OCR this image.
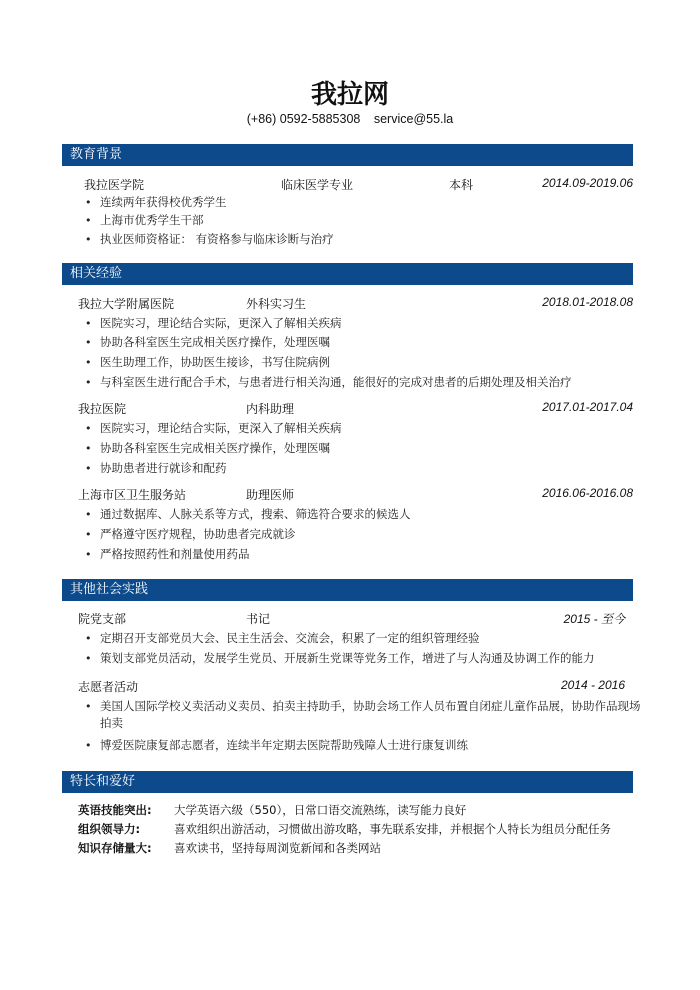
我拉网
(+86) 0592-5885308 service@55.la
教育背景
我拉医学院	临床医学专业	本科	2014.09-2019.06
• 连续两年获得校优秀学生
• 上海市优秀学生干部
• 执业医师资格证： 有资格参与临床诊断与治疗
相关经验
我拉大学附属医院	外科实习生	2018.01-2018.08
• 医院实习，理论结合实际，更深入了解相关疾病
• 协助各科室医生完成相关医疗操作，处理医嘱
• 医生助理工作，协助医生接诊，书写住院病例
• 与科室医生进行配合手术，与患者进行相关沟通，能很好的完成对患者的后期处理及相关治疗
我拉医院	内科助理	2017.01-2017.04
• 医院实习，理论结合实际，更深入了解相关疾病
• 协助各科室医生完成相关医疗操作，处理医嘱
• 协助患者进行就诊和配药
上海市区卫生服务站	助理医师	2016.06-2016.08
• 通过数据库、人脉关系等方式，搜索、筛选符合要求的候选人
• 严格遵守医疗规程，协助患者完成就诊
• 严格按照药性和剂量使用药品
其他社会实践
院党支部	书记	2015 - 至今
• 定期召开支部党员大会、民主生活会、交流会，积累了一定的组织管理经验
• 策划支部党员活动，发展学生党员、开展新生党课等党务工作，增进了与人沟通及协调工作的能力
志愿者活动	2014 - 2016
• 美国人国际学校义卖活动义卖员、拍卖主持助手，协助会场工作人员布置自闭症儿童作品展，协助作品现场拍卖
• 博爱医院康复部志愿者，连续半年定期去医院帮助残障人士进行康复训练
特长和爱好
英语技能突出: 大学英语六级（550），日常口语交流熟练，读写能力良好
组织领导力:	喜欢组织出游活动，习惯做出游攻略，事先联系安排，并根据个人特长为组员分配任务
知识存储量大: 喜欢读书，坚持每周浏览新闻和各类网站
